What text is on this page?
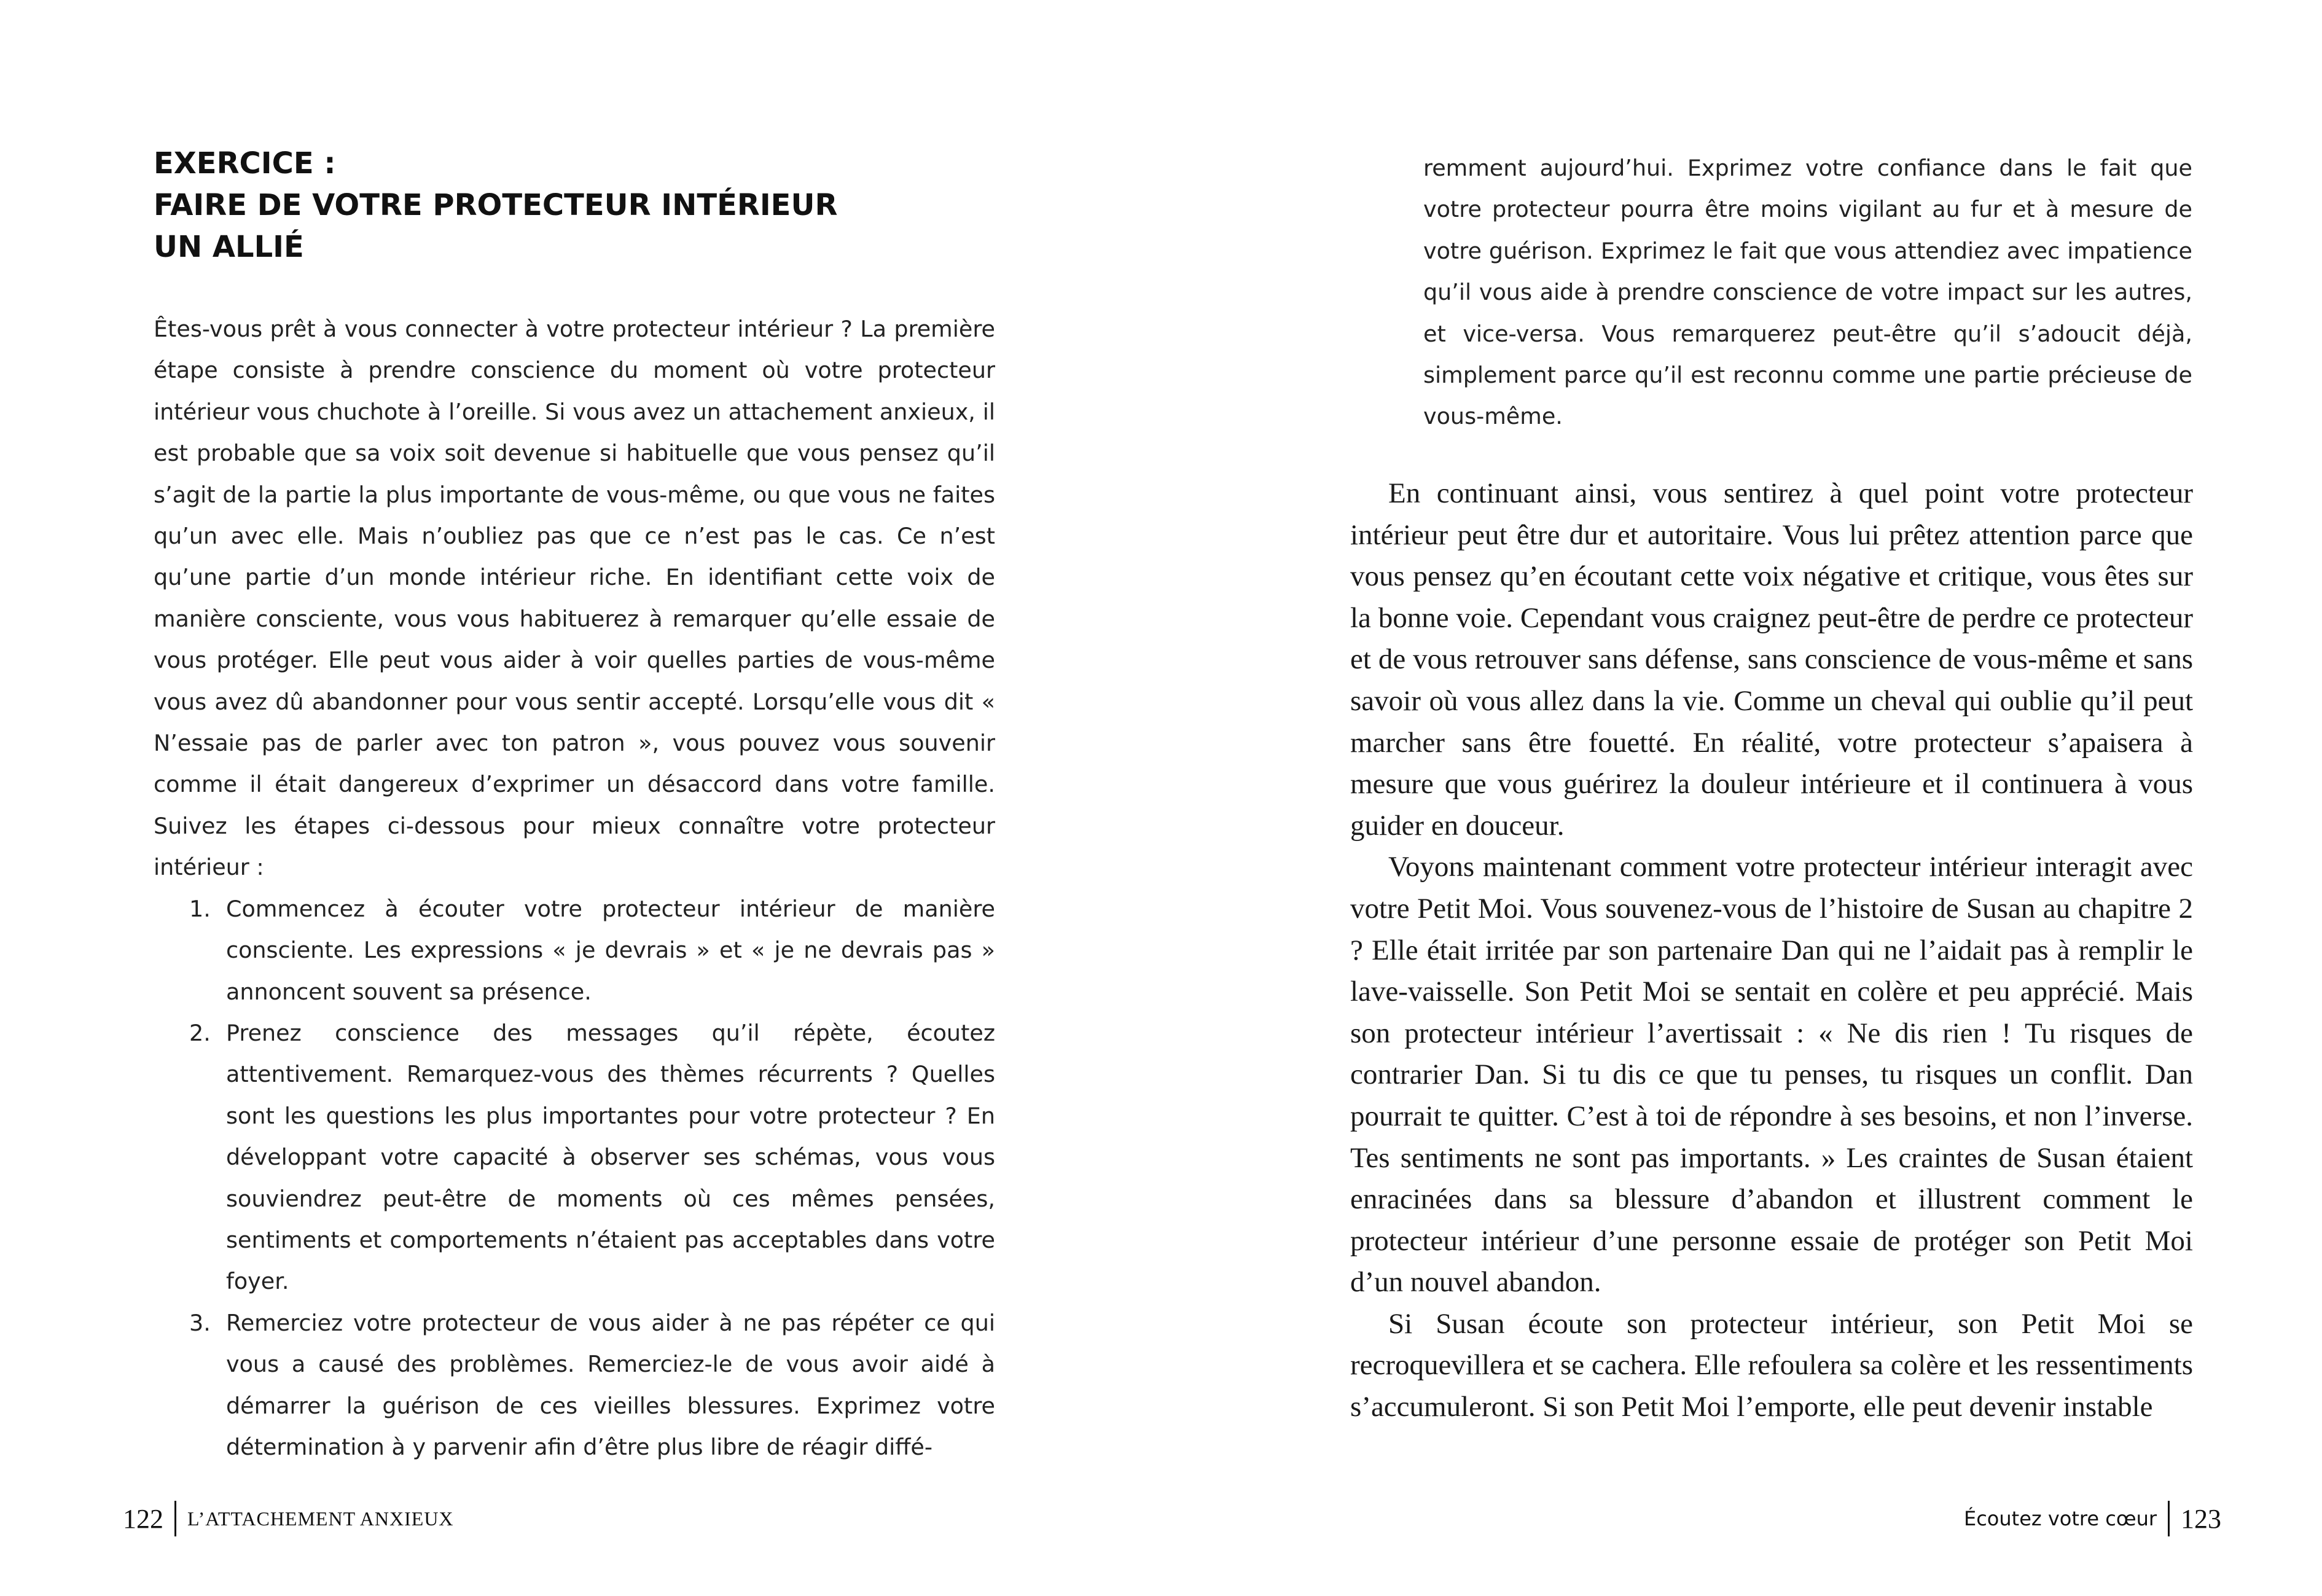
EXERCICE :
FAIRE DE VOTRE PROTECTEUR INTÉRIEUR
UN ALLIÉ

Êtes-vous prêt à vous connecter à votre protecteur intérieur ? La première étape consiste à prendre conscience du moment où votre protecteur intérieur vous chuchote à l’oreille. Si vous avez un attachement anxieux, il est probable que sa voix soit devenue si habituelle que vous pensez qu’il s’agit de la partie la plus importante de vous-même, ou que vous ne faites qu’un avec elle. Mais n’oubliez pas que ce n’est pas le cas. Ce n’est qu’une partie d’un monde intérieur riche. En identifiant cette voix de manière consciente, vous vous habituerez à remarquer qu’elle essaie de vous protéger. Elle peut vous aider à voir quelles parties de vous-même vous avez dû abandonner pour vous sentir accepté. Lorsqu’elle vous dit « N’essaie pas de parler avec ton patron », vous pouvez vous souvenir comme il était dangereux d’exprimer un désaccord dans votre famille. Suivez les étapes ci-dessous pour mieux connaître votre protecteur intérieur :

1. Commencez à écouter votre protecteur intérieur de manière consciente. Les expressions « je devrais » et « je ne devrais pas » annoncent souvent sa présence.
2. Prenez conscience des messages qu’il répète, écoutez attentivement. Remarquez-vous des thèmes récurrents ? Quelles sont les questions les plus importantes pour votre protecteur ? En développant votre capacité à observer ses schémas, vous vous souviendrez peut-être de moments où ces mêmes pensées, sentiments et comportements n’étaient pas acceptables dans votre foyer.
3. Remerciez votre protecteur de vous aider à ne pas répéter ce qui vous a causé des problèmes. Remerciez-le de vous avoir aidé à démarrer la guérison de ces vieilles blessures. Exprimez votre détermination à y parvenir afin d’être plus libre de réagir diffé-
122 L’ATTACHEMENT ANXIEUX

remment aujourd’hui. Exprimez votre confiance dans le fait que votre protecteur pourra être moins vigilant au fur et à mesure de votre guérison. Exprimez le fait que vous attendiez avec impatience qu’il vous aide à prendre conscience de votre impact sur les autres, et vice-versa. Vous remarquerez peut-être qu’il s’adoucit déjà, simplement parce qu’il est reconnu comme une partie précieuse de vous-même.

En continuant ainsi, vous sentirez à quel point votre protecteur intérieur peut être dur et autoritaire. Vous lui prêtez attention parce que vous pensez qu’en écoutant cette voix négative et critique, vous êtes sur la bonne voie. Cependant vous craignez peut-être de perdre ce protecteur et de vous retrouver sans défense, sans conscience de vous-même et sans savoir où vous allez dans la vie. Comme un cheval qui oublie qu’il peut marcher sans être fouetté. En réalité, votre protecteur s’apaisera à mesure que vous guérirez la douleur intérieure et il continuera à vous guider en douceur.

Voyons maintenant comment votre protecteur intérieur interagit avec votre Petit Moi. Vous souvenez-vous de l’histoire de Susan au chapitre 2 ? Elle était irritée par son partenaire Dan qui ne l’aidait pas à remplir le lave-vaisselle. Son Petit Moi se sentait en colère et peu apprécié. Mais son protecteur intérieur l’avertissait : « Ne dis rien ! Tu risques de contrarier Dan. Si tu dis ce que tu penses, tu risques un conflit. Dan pourrait te quitter. C’est à toi de répondre à ses besoins, et non l’inverse. Tes sentiments ne sont pas importants. » Les craintes de Susan étaient enracinées dans sa blessure d’abandon et illustrent comment le protecteur intérieur d’une personne essaie de protéger son Petit Moi d’un nouvel abandon.

Si Susan écoute son protecteur intérieur, son Petit Moi se recroquevillera et se cachera. Elle refoulera sa colère et les ressentiments s’accumuleront. Si son Petit Moi l’emporte, elle peut devenir instable

Écoutez votre cœur 123
